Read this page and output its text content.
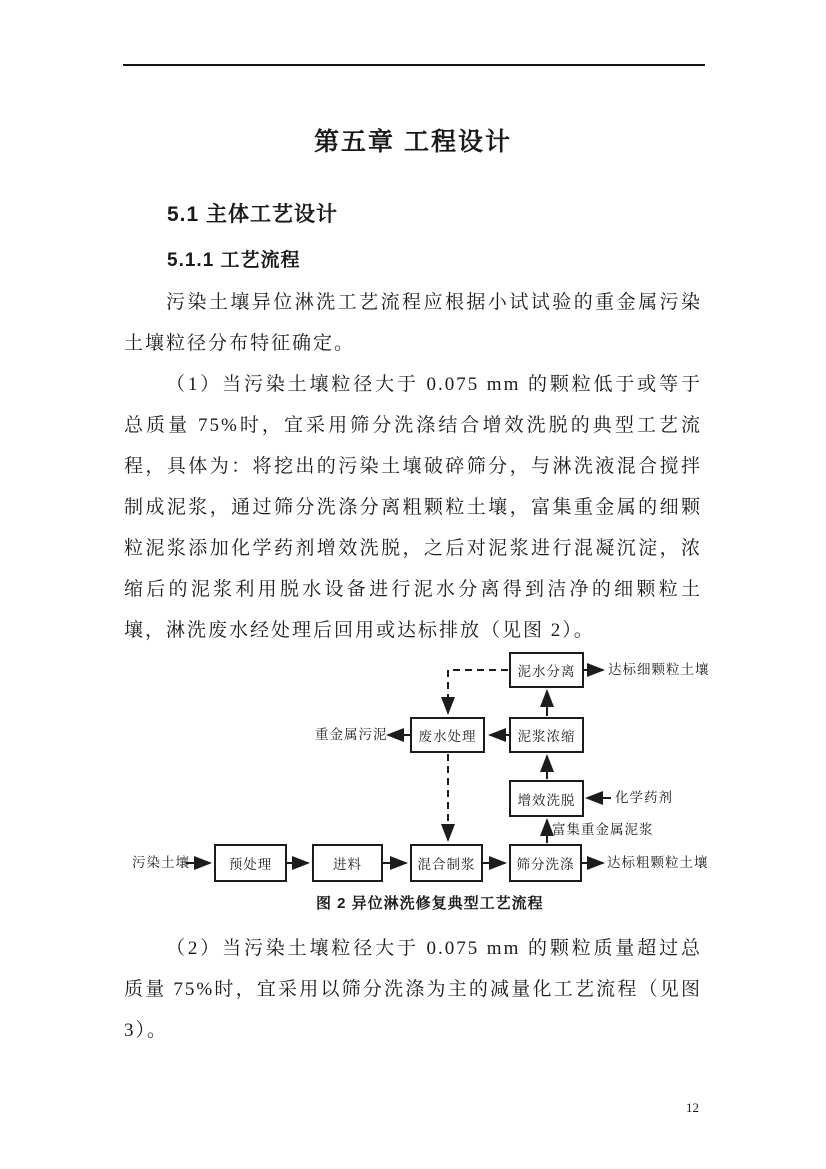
第五章 工程设计
5.1 主体工艺设计
5.1.1 工艺流程

污染土壤异位淋洗工艺流程应根据小试试验的重金属污染土壤粒径分布特征确定。

（1）当污染土壤粒径大于 0.075 mm 的颗粒低于或等于总质量 75%时，宜采用筛分洗涤结合增效洗脱的典型工艺流程，具体为：将挖出的污染土壤破碎筛分，与淋洗液混合搅拌制成泥浆，通过筛分洗涤分离粗颗粒土壤，富集重金属的细颗粒泥浆添加化学药剂增效洗脱，之后对泥浆进行混凝沉淀，浓缩后的泥浆利用脱水设备进行泥水分离得到洁净的细颗粒土壤，淋洗废水经处理后回用或达标排放（见图 2）。

泥水分离
废水处理	泥浆浓缩
增效洗脱
预处理	进料	混合制浆	筛分洗涤
达标细颗粒土壤
重金属污泥
化学药剂
富集重金属泥浆
污染土壤	达标粗颗粒土壤
图 2 异位淋洗修复典型工艺流程

（2）当污染土壤粒径大于 0.075 mm 的颗粒质量超过总质量 75%时，宜采用以筛分洗涤为主的减量化工艺流程（见图 3）。

12
